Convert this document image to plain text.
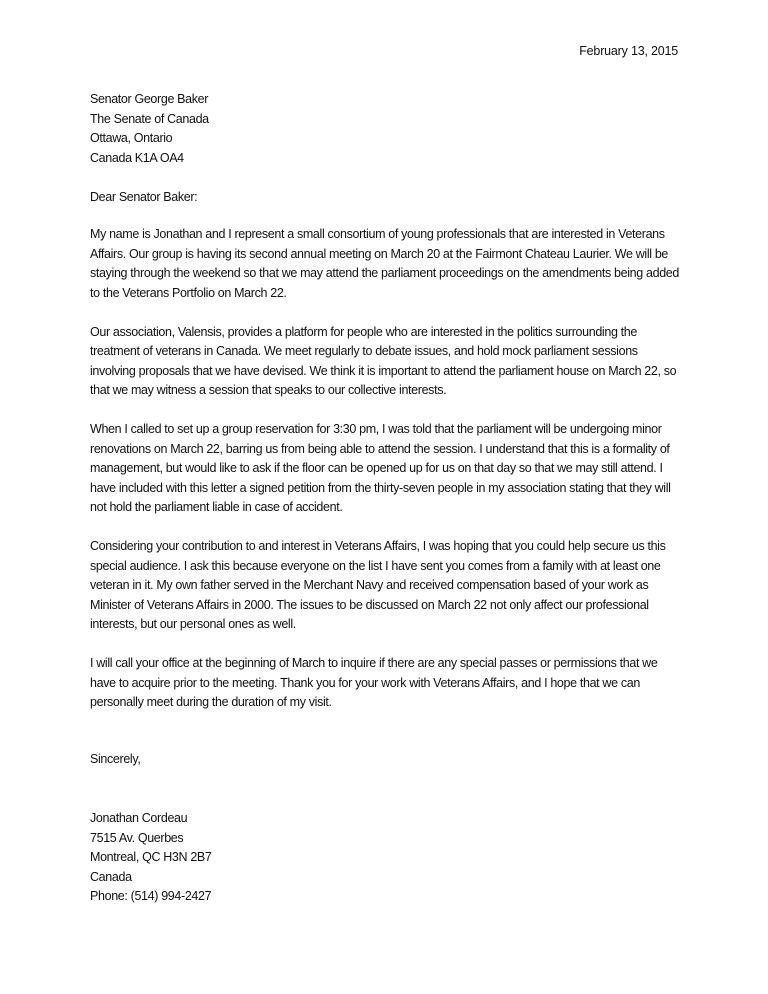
February 13, 2015
Senator George Baker
The Senate of Canada
Ottawa, Ontario
Canada K1A OA4
Dear Senator Baker:

My name is Jonathan and I represent a small consortium of young professionals that are interested in Veterans Affairs. Our group is having its second annual meeting on March 20 at the Fairmont Chateau Laurier. We will be staying through the weekend so that we may attend the parliament proceedings on the amendments being added to the Veterans Portfolio on March 22.

Our association, Valensis, provides a platform for people who are interested in the politics surrounding the treatment of veterans in Canada. We meet regularly to debate issues, and hold mock parliament sessions involving proposals that we have devised. We think it is important to attend the parliament house on March 22, so that we may witness a session that speaks to our collective interests.

When I called to set up a group reservation for 3:30 pm, I was told that the parliament will be undergoing minor renovations on March 22, barring us from being able to attend the session. I understand that this is a formality of management, but would like to ask if the floor can be opened up for us on that day so that we may still attend. I have included with this letter a signed petition from the thirty-seven people in my association stating that they will not hold the parliament liable in case of accident.

Considering your contribution to and interest in Veterans Affairs, I was hoping that you could help secure us this special audience. I ask this because everyone on the list I have sent you comes from a family with at least one veteran in it. My own father served in the Merchant Navy and received compensation based of your work as Minister of Veterans Affairs in 2000. The issues to be discussed on March 22 not only affect our professional interests, but our personal ones as well.

I will call your office at the beginning of March to inquire if there are any special passes or permissions that we have to acquire prior to the meeting. Thank you for your work with Veterans Affairs, and I hope that we can personally meet during the duration of my visit.

Sincerely,
Jonathan Cordeau
7515 Av. Querbes
Montreal, QC H3N 2B7
Canada
Phone: (514) 994-2427
